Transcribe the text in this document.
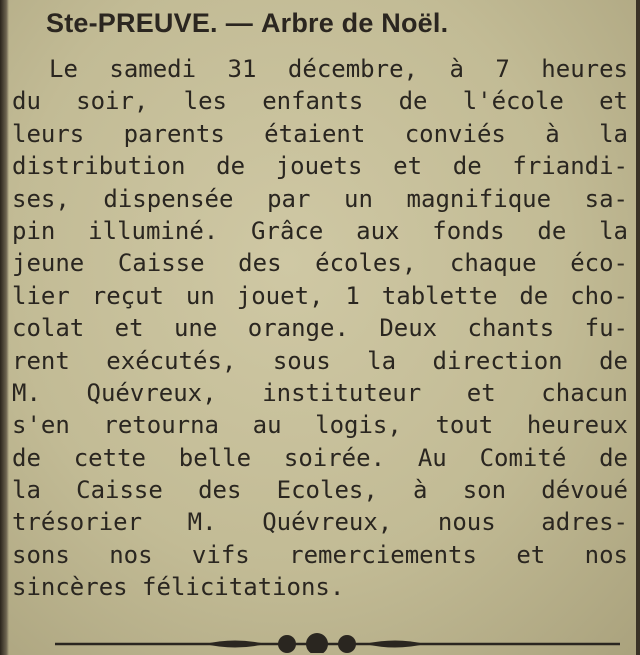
Ste-PREUVE. — Arbre de Noël.
Le samedi 31 décembre, à 7 heures
du soir, les enfants de l'école et
leurs parents étaient conviés à la
distribution de jouets et de friandi-
ses, dispensée par un magnifique sa-
pin illuminé. Grâce aux fonds de la
jeune Caisse des écoles, chaque éco-
lier reçut un jouet, 1 tablette de cho-
colat et une orange. Deux chants fu-
rent exécutés, sous la direction de
M. Quévreux, instituteur et chacun
s'en retourna au logis, tout heureux
de cette belle soirée. Au Comité de
la Caisse des Ecoles, à son dévoué
trésorier M. Quévreux, nous adres-
sons nos vifs remerciements et nos
sincères félicitations.
